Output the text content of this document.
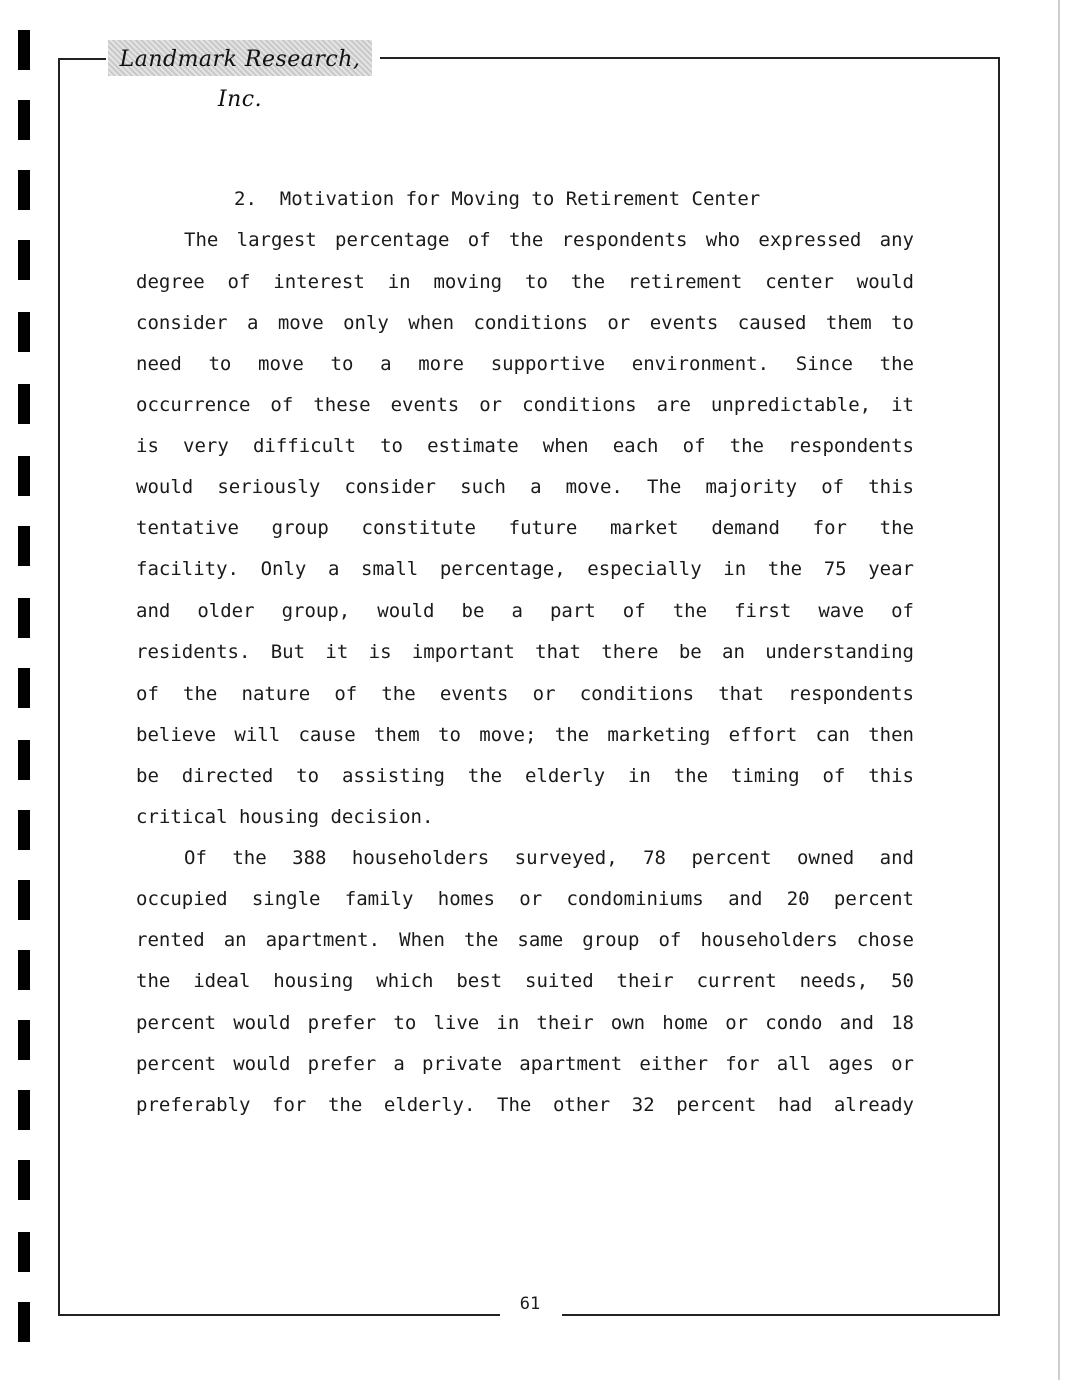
Landmark Research, Inc.
2.  Motivation for Moving to Retirement Center
The largest percentage of the respondents who expressed any
degree of interest in moving to the retirement center would
consider a move only when conditions or events caused them to
need to move to a more supportive environment. Since the
occurrence of these events or conditions are unpredictable, it
is very difficult to estimate when each of the respondents
would seriously consider such a move. The majority of this
tentative group constitute future market demand for the
facility. Only a small percentage, especially in the 75 year
and older group, would be a part of the first wave of
residents. But it is important that there be an understanding
of the nature of the events or conditions that respondents
believe will cause them to move; the marketing effort can then
be directed to assisting the elderly in the timing of this
critical housing decision.
Of the 388 householders surveyed, 78 percent owned and
occupied single family homes or condominiums and 20 percent
rented an apartment. When the same group of householders chose
the ideal housing which best suited their current needs, 50
percent would prefer to live in their own home or condo and 18
percent would prefer a private apartment either for all ages or
preferably for the elderly. The other 32 percent had already
61
